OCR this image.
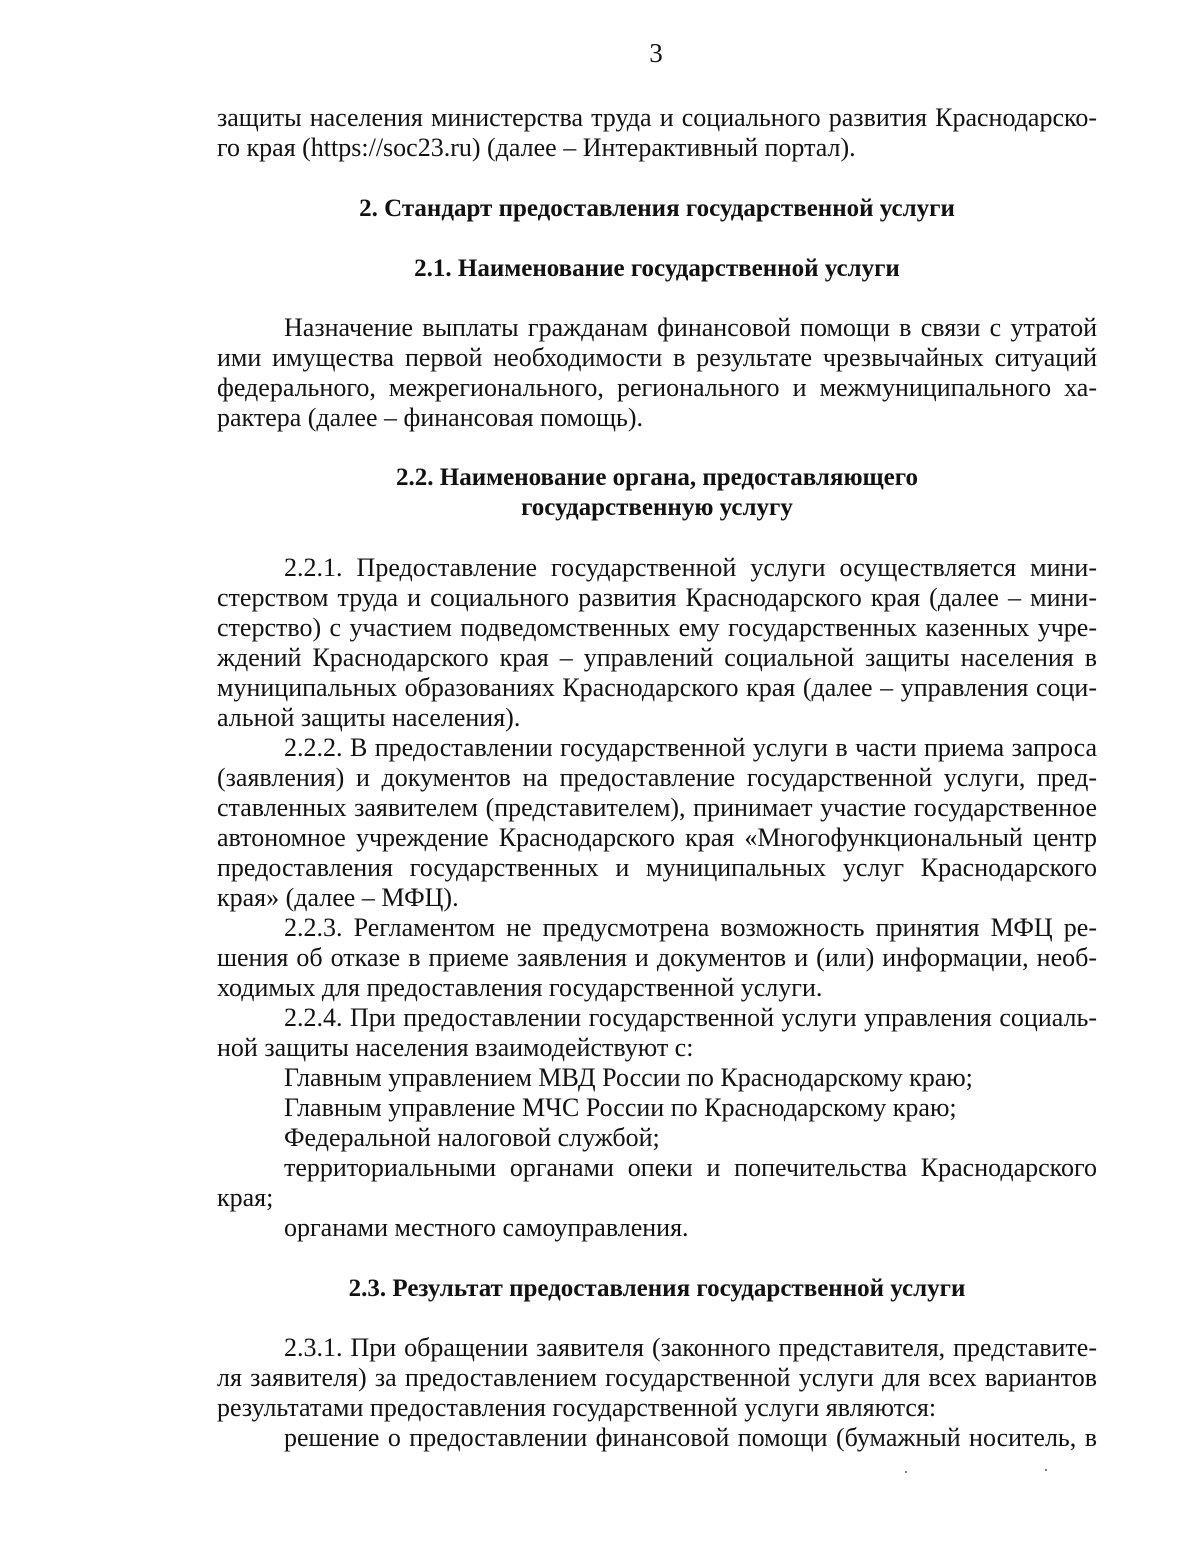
3
защиты населения министерства труда и социального развития Краснодарско-
го края (https://soc23.ru) (далее – Интерактивный портал).
2. Стандарт предоставления государственной услуги
2.1. Наименование государственной услуги
Назначение выплаты гражданам финансовой помощи в связи с утратой
ими имущества первой необходимости в результате чрезвычайных ситуаций
федерального, межрегионального, регионального и межмуниципального ха-
рактера (далее – финансовая помощь).
2.2. Наименование органа, предоставляющего
государственную услугу
2.2.1. Предоставление государственной услуги осуществляется мини-
стерством труда и социального развития Краснодарского края (далее – мини-
стерство) с участием подведомственных ему государственных казенных учре-
ждений Краснодарского края – управлений социальной защиты населения в
муниципальных образованиях Краснодарского края (далее – управления соци-
альной защиты населения).
2.2.2. В предоставлении государственной услуги в части приема запроса
(заявления) и документов на предоставление государственной услуги, пред-
ставленных заявителем (представителем), принимает участие государственное
автономное учреждение Краснодарского края «Многофункциональный центр
предоставления государственных и муниципальных услуг Краснодарского
края» (далее – МФЦ).
2.2.3. Регламентом не предусмотрена возможность принятия МФЦ ре-
шения об отказе в приеме заявления и документов и (или) информации, необ-
ходимых для предоставления государственной услуги.
2.2.4. При предоставлении государственной услуги управления социаль-
ной защиты населения взаимодействуют с:
Главным управлением МВД России по Краснодарскому краю;
Главным управление МЧС России по Краснодарскому краю;
Федеральной налоговой службой;
территориальными органами опеки и попечительства Краснодарского
края;
органами местного самоуправления.
2.3. Результат предоставления государственной услуги
2.3.1. При обращении заявителя (законного представителя, представите-
ля заявителя) за предоставлением государственной услуги для всех вариантов
результатами предоставления государственной услуги являются:
решение о предоставлении финансовой помощи (бумажный носитель, в
